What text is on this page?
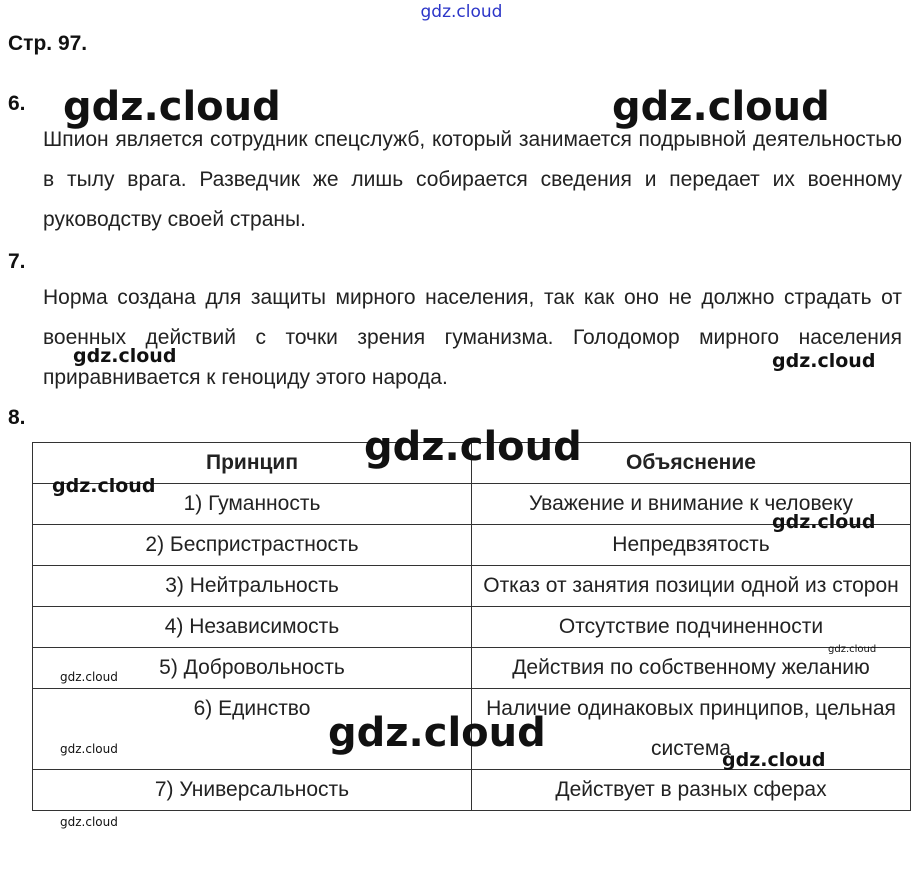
gdz.cloud
Стр. 97.
6.
Шпион является сотрудник спецслужб, который занимается подрывной деятельностью в тылу врага. Разведчик же лишь собирается сведения и передает их военному руководству своей страны.
7.
Норма создана для защиты мирного населения, так как оно не должно страдать от военных действий с точки зрения гуманизма. Голодомор мирного населения приравнивается к геноциду этого народа.
8.
Принцип	Объяснение
1) Гуманность	Уважение и внимание к человеку
2) Беспристрастность	Непредвзятость
3) Нейтральность	Отказ от занятия позиции одной из сторон
4) Независимость	Отсутствие подчиненности
5) Добровольность	Действия по собственному желанию
6) Единство	Наличие одинаковых принципов, цельная система
7) Универсальность	Действует в разных сферах
gdz.cloud	gdz.cloud
gdz.cloud	gdz.cloud
gdz.cloud
gdz.cloud
gdz.cloud
gdz.cloud
gdz.cloud
gdz.cloud
gdz.cloud	gdz.cloud
gdz.cloud
